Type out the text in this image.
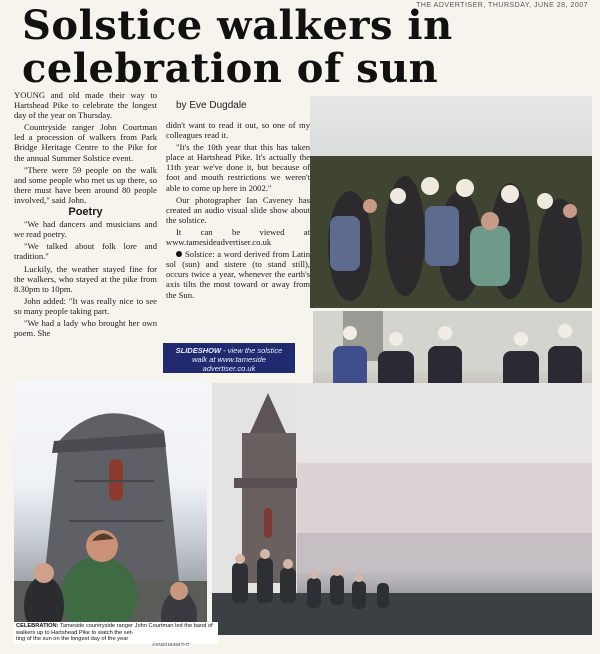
THE ADVERTISER, THURSDAY, JUNE 28, 2007
Solstice walkers in celebration of sun

YOUNG and old made their way to Hartshead Pike to celebrate the longest day of the year on Thursday.

Countryside ranger John Courtman led a procession of walkers from Park Bridge Heritage Centre to the Pike for the annual Summer Solstice event.

"There were 59 people on the walk and some people who met us up there, so there must have been around 80 people involved," said John.

Poetry

"We had dancers and musicians and we read poetry.

"We talked about folk lore and tradition."

Luckily, the weather stayed fine for the walkers, who stayed at the pike from 8.30pm to 10pm.

John added: "It was really nice to see so many people taking part.

"We had a lady who brought her own poem. She

by Eve Dugdale

didn't want to read it out, so one of my colleagues read it.

"It's the 10th year that this has taken place at Hartshead Pike. It's actually the 11th year we've done it, but because of foot and mouth restrictions we weren't able to come up here in 2002."

Our photographer Ian Caveney has created an audio visual slide show about the solstice.

It can be viewed at www.tamesideadvertiser.co.uk

Solstice: a word derived from Latin sol (sun) and sistere (to stand still), occurs twice a year, whenever the earth's axis tilts the most toward or away from the Sun.

SLIDESHOW - view the solstice walk at www.tameside advertiser.co.uk
CELEBRATION: Tameside countryside ranger John Courtman led the band of walkers up to Hartshead Pike to watch the set-
ting of the sun on the longest day of the year
ASN20164947HT
